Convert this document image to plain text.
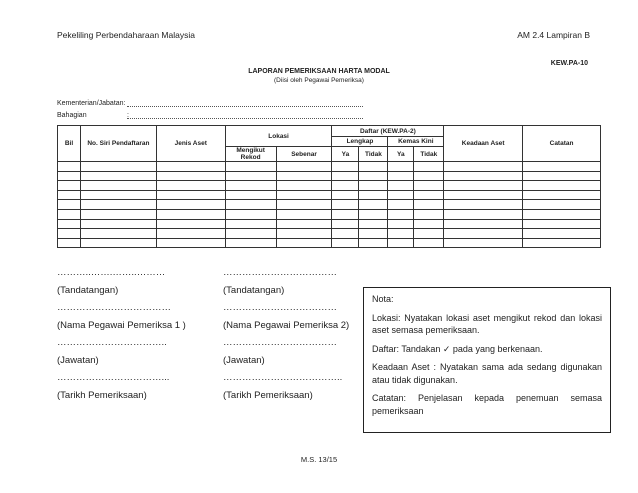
Pekeliling Perbendaharaan Malaysia	AM 2.4 Lampiran B
KEW.PA-10
LAPORAN PEMERIKSAAN HARTA MODAL
(Diisi oleh Pegawai Pemeriksa)
Kementerian/Jabatan:
Bahagian	:
Bil	No. Siri Pendaftaran	Jenis Aset	Lokasi		Daftar (KEW.PA-2)				Keadaan Aset	Catatan
					Lengkap		Kemas Kini			
			Mengikut Rekod	Sebenar	Ya	Tidak	Ya	Tidak		

………..…….……..………
(Tandatangan)
………………………………
(Nama Pegawai Pemeriksa 1 )
……………………………..
(Jawatan)
……………………………...
(Tarikh Pemeriksaan)
………………………………
(Tandatangan)
………………………………
(Nama Pegawai Pemeriksa 2)
………………………………
(Jawatan)
………………………………..
(Tarikh Pemeriksaan)

Nota:

Lokasi: Nyatakan lokasi aset mengikut rekod dan lokasi aset semasa pemeriksaan.

Daftar: Tandakan ✓ pada yang berkenaan.

Keadaan Aset : Nyatakan sama ada sedang digunakan atau tidak digunakan.

Catatan: Penjelasan kepada penemuan semasa pemeriksaan

M.S. 13/15
